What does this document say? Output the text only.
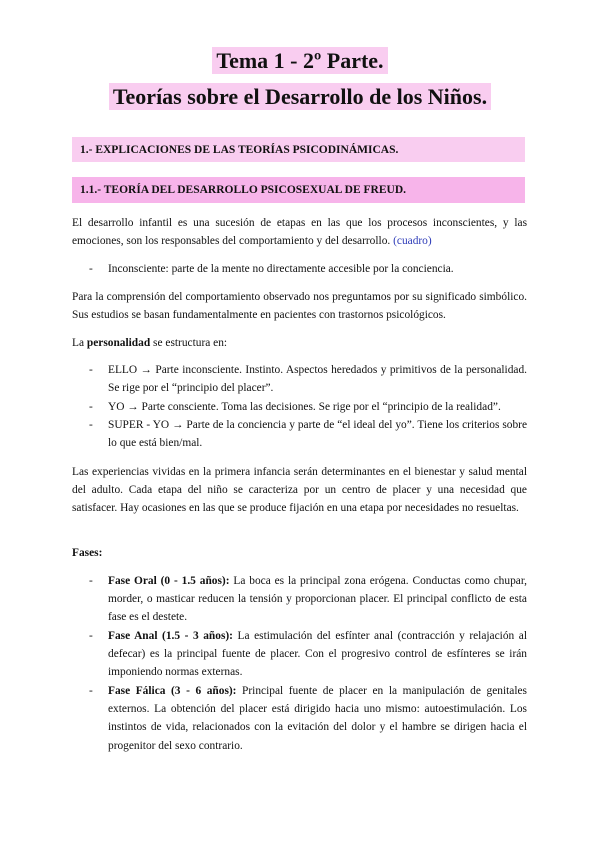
Tema 1 - 2º Parte.
Teorías sobre el Desarrollo de los Niños.
1.- EXPLICACIONES DE LAS TEORÍAS PSICODINÁMICAS.
1.1.- TEORÍA DEL DESARROLLO PSICOSEXUAL DE FREUD.
El desarrollo infantil es una sucesión de etapas en las que los procesos inconscientes, y las emociones, son los responsables del comportamiento y del desarrollo. (cuadro)
-	Inconsciente: parte de la mente no directamente accesible por la conciencia.
Para la comprensión del comportamiento observado nos preguntamos por su significado simbólico. Sus estudios se basan fundamentalmente en pacientes con trastornos psicológicos.
La personalidad se estructura en:
-	ELLO → Parte inconsciente. Instinto. Aspectos heredados y primitivos de la personalidad. Se rige por el “principio del placer”.
-	YO → Parte consciente. Toma las decisiones. Se rige por el “principio de la realidad”.
-	SUPER - YO → Parte de la conciencia y parte de “el ideal del yo”. Tiene los criterios sobre lo que está bien/mal.
Las experiencias vividas en la primera infancia serán determinantes en el bienestar y salud mental del adulto. Cada etapa del niño se caracteriza por un centro de placer y una necesidad que satisfacer. Hay ocasiones en las que se produce fijación en una etapa por necesidades no resueltas.
Fases:
-	Fase Oral (0 - 1.5 años): La boca es la principal zona erógena. Conductas como chupar, morder, o masticar reducen la tensión y proporcionan placer. El principal conflicto de esta fase es el destete.
-	Fase Anal (1.5 - 3 años): La estimulación del esfínter anal (contracción y relajación al defecar) es la principal fuente de placer. Con el progresivo control de esfínteres se irán imponiendo normas externas.
-	Fase Fálica (3 - 6 años): Principal fuente de placer en la manipulación de genitales externos. La obtención del placer está dirigido hacia uno mismo: autoestimulación. Los instintos de vida, relacionados con la evitación del dolor y el hambre se dirigen hacia el progenitor del sexo contrario.
